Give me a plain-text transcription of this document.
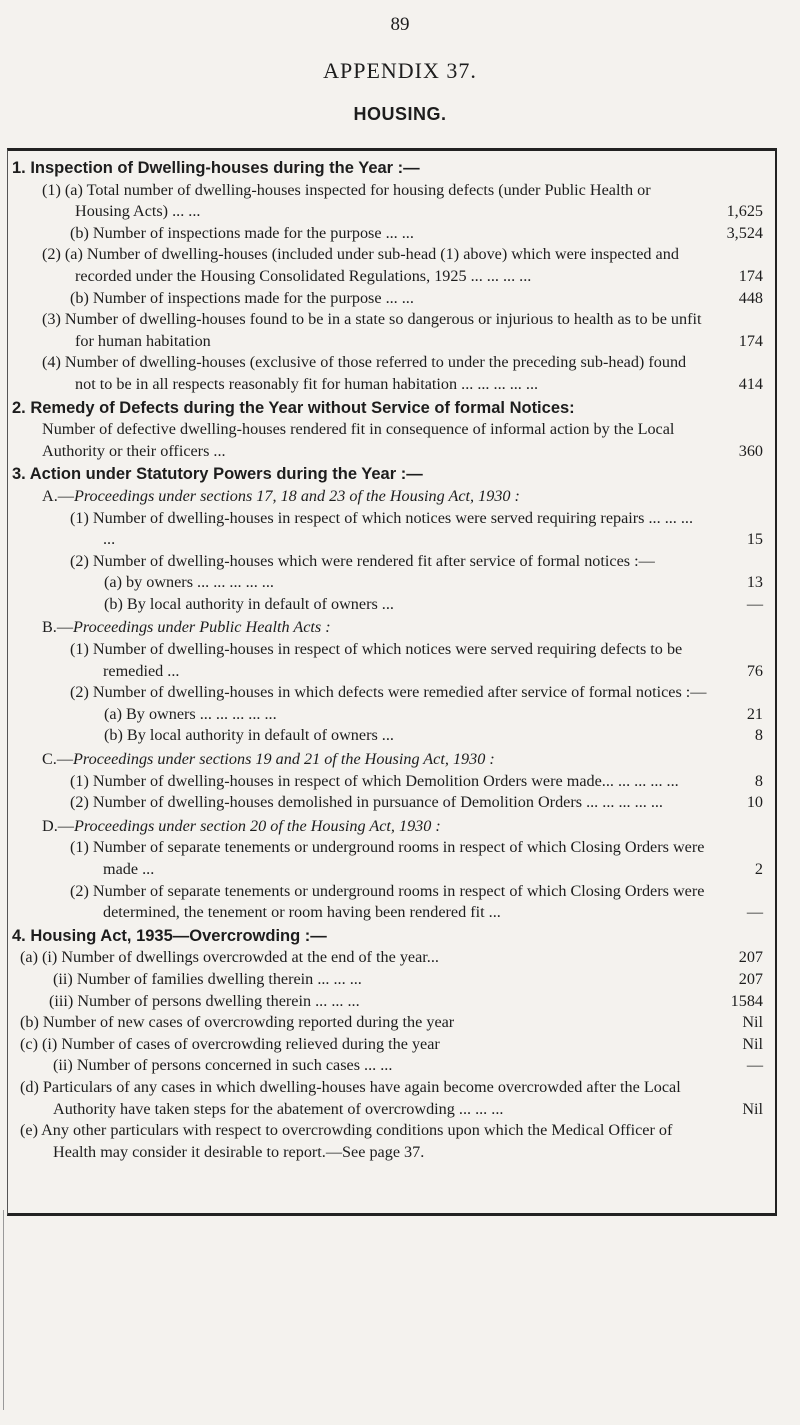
89
APPENDIX 37.
HOUSING.
1. Inspection of Dwelling-houses during the Year :—
(1) (a) Total number of dwelling-houses inspected for housing defects (under Public Health or Housing Acts) ... ...	1,625
(b) Number of inspections made for the purpose ... ...	3,524
(2) (a) Number of dwelling-houses (included under sub-head (1) above) which were inspected and recorded under the Housing Consolidated Regulations, 1925 ... ... ... ...	174
(b) Number of inspections made for the purpose ... ...	448
(3) Number of dwelling-houses found to be in a state so dangerous or injurious to health as to be unfit for human habitation	174
(4) Number of dwelling-houses (exclusive of those referred to under the preceding sub-head) found not to be in all respects reasonably fit for human habitation ... ... ... ... ...	414
2. Remedy of Defects during the Year without Service of formal Notices:
Number of defective dwelling-houses rendered fit in consequence of informal action by the Local Authority or their officers ...	360
3. Action under Statutory Powers during the Year :—
A.—Proceedings under sections 17, 18 and 23 of the Housing Act, 1930 :
(1) Number of dwelling-houses in respect of which notices were served requiring repairs ... ... ... ...	15
(2) Number of dwelling-houses which were rendered fit after service of formal notices :—
(a) by owners ... ... ... ... ...	13
(b) By local authority in default of owners ...	—
B.—Proceedings under Public Health Acts :
(1) Number of dwelling-houses in respect of which notices were served requiring defects to be remedied ...	76
(2) Number of dwelling-houses in which defects were remedied after service of formal notices :—
(a) By owners ... ... ... ... ...	21
(b) By local authority in default of owners ...	8
C.—Proceedings under sections 19 and 21 of the Housing Act, 1930 :
(1) Number of dwelling-houses in respect of which Demolition Orders were made... ... ... ... ...	8
(2) Number of dwelling-houses demolished in pursuance of Demolition Orders ... ... ... ... ...	10
D.—Proceedings under section 20 of the Housing Act, 1930 :
(1) Number of separate tenements or underground rooms in respect of which Closing Orders were made ...	2
(2) Number of separate tenements or underground rooms in respect of which Closing Orders were determined, the tenement or room having been rendered fit ...	—
4. Housing Act, 1935—Overcrowding :—
(a) (i) Number of dwellings overcrowded at the end of the year...	207
(ii) Number of families dwelling therein ... ... ...	207
(iii) Number of persons dwelling therein ... ... ...	1584
(b) Number of new cases of overcrowding reported during the year	Nil
(c) (i) Number of cases of overcrowding relieved during the year	Nil
(ii) Number of persons concerned in such cases ... ...	—
(d) Particulars of any cases in which dwelling-houses have again become overcrowded after the Local Authority have taken steps for the abatement of overcrowding ... ... ...	Nil
(e) Any other particulars with respect to overcrowding conditions upon which the Medical Officer of Health may consider it desirable to report.—See page 37.
